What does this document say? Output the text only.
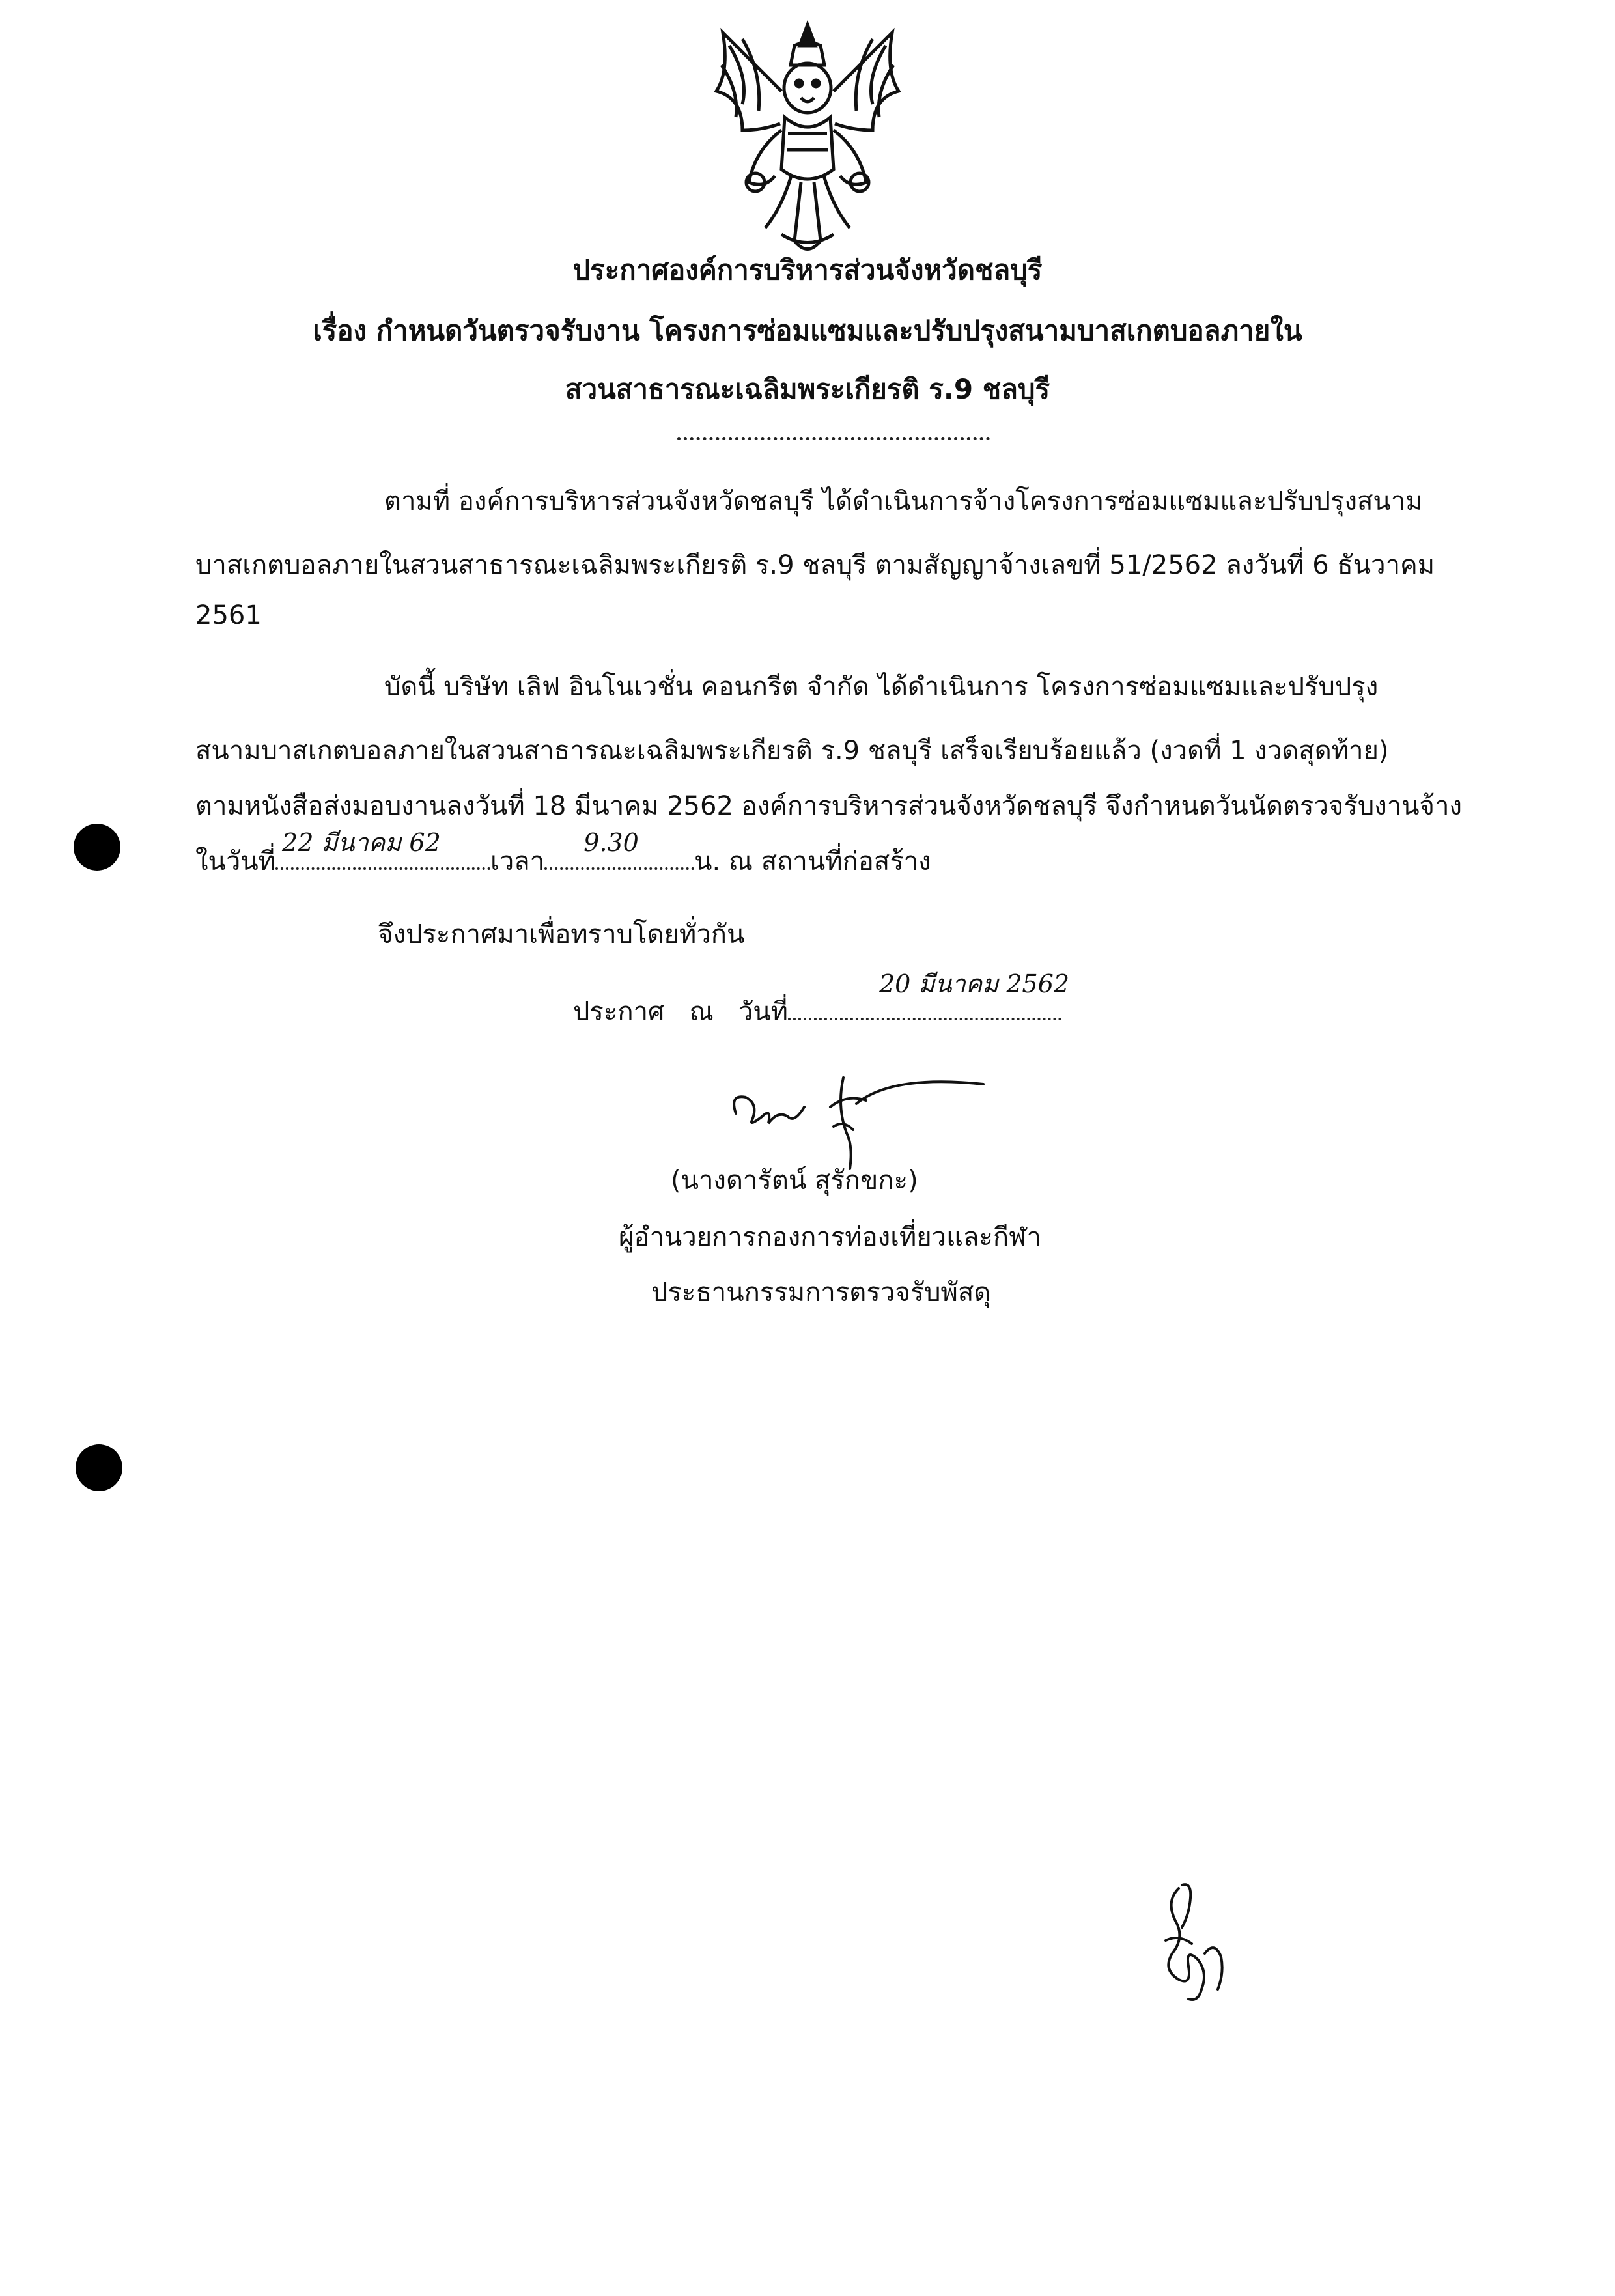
ประกาศองค์การบริหารส่วนจังหวัดชลบุรี
เรื่อง กำหนดวันตรวจรับงาน โครงการซ่อมแซมและปรับปรุงสนามบาสเกตบอลภายใน
สวนสาธารณะเฉลิมพระเกียรติ ร.9 ชลบุรี
ตามที่ องค์การบริหารส่วนจังหวัดชลบุรี ได้ดำเนินการจ้างโครงการซ่อมแซมและปรับปรุงสนาม
บาสเกตบอลภายในสวนสาธารณะเฉลิมพระเกียรติ ร.9 ชลบุรี ตามสัญญาจ้างเลขที่ 51/2562 ลงวันที่ 6 ธันวาคม
2561
บัดนี้ บริษัท เลิฟ อินโนเวชั่น คอนกรีต จำกัด ได้ดำเนินการ โครงการซ่อมแซมและปรับปรุง
สนามบาสเกตบอลภายในสวนสาธารณะเฉลิมพระเกียรติ ร.9 ชลบุรี เสร็จเรียบร้อยแล้ว (งวดที่ 1 งวดสุดท้าย)
ตามหนังสือส่งมอบงานลงวันที่ 18 มีนาคม 2562 องค์การบริหารส่วนจังหวัดชลบุรี จึงกำหนดวันนัดตรวจรับงานจ้าง
ในวันที่
22 มีนาคม 62
เวลา
9.30
น. ณ สถานที่ก่อสร้าง
จึงประกาศมาเพื่อทราบโดยทั่วกัน
ประกาศ   ณ   วันที่
20 มีนาคม 2562
(นางดารัตน์ สุรักขกะ)
ผู้อำนวยการกองการท่องเที่ยวและกีฬา
ประธานกรรมการตรวจรับพัสดุ
